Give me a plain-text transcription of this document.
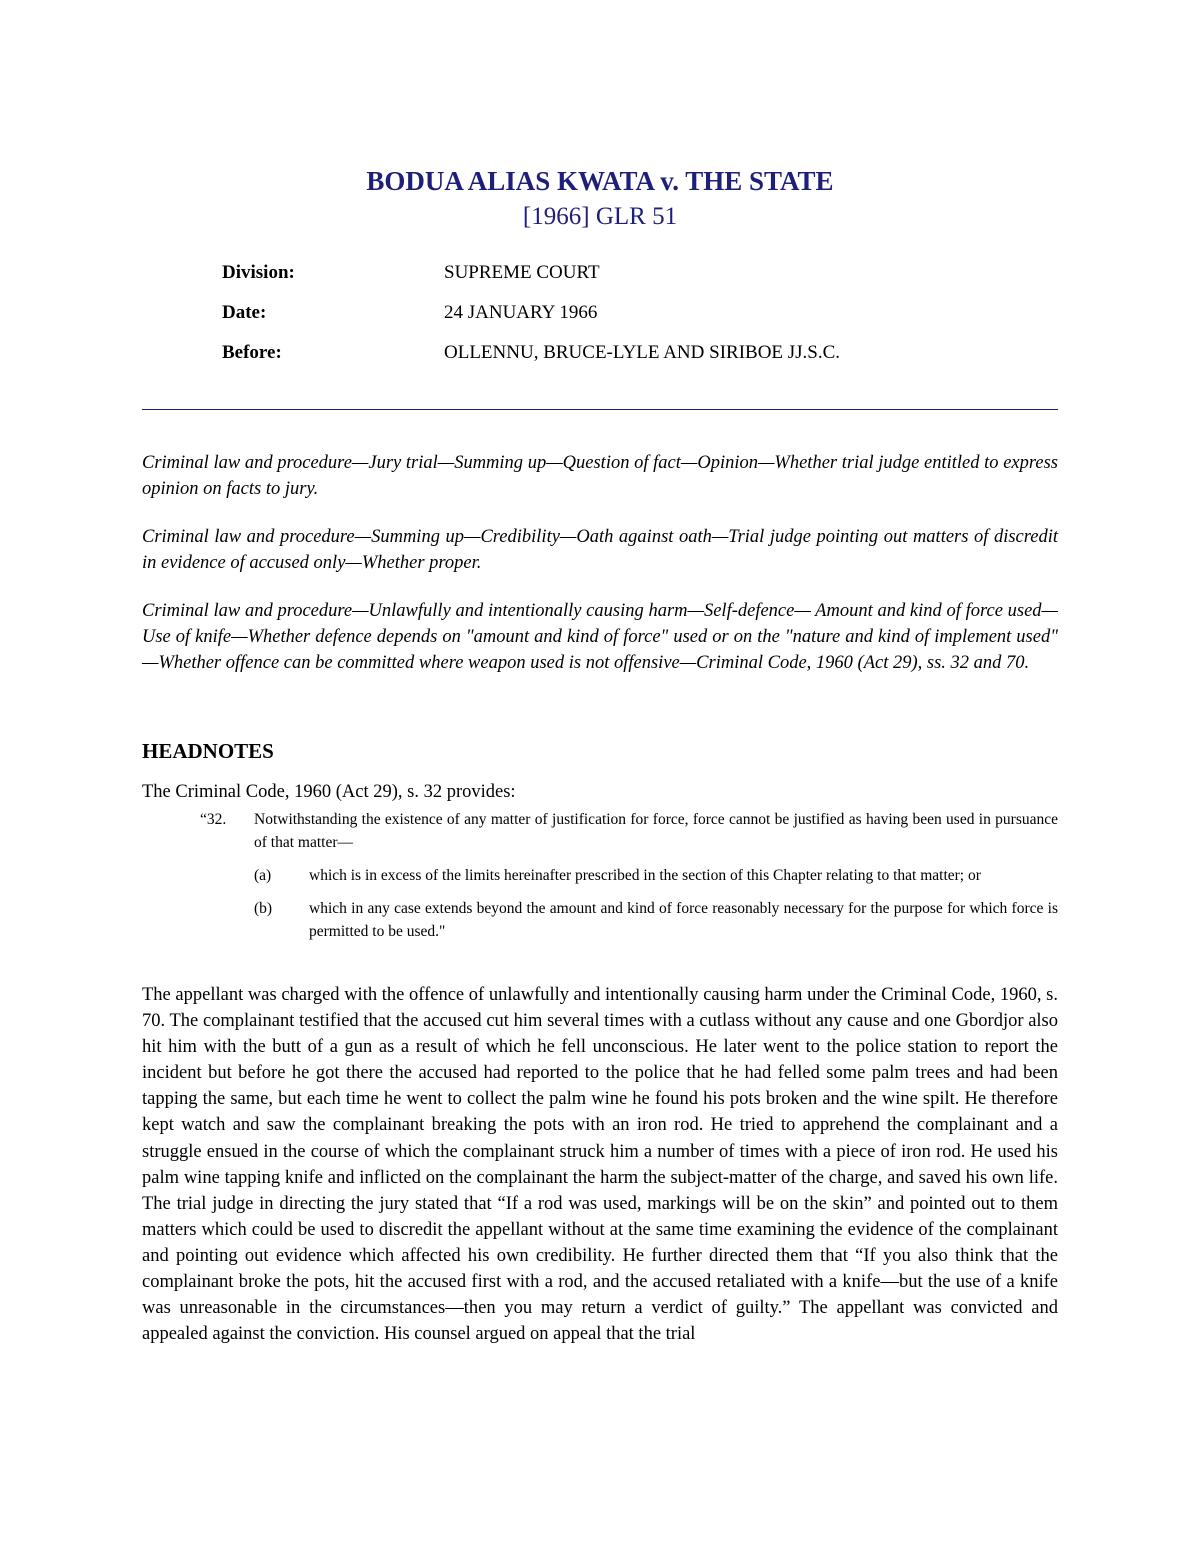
BODUA ALIAS KWATA v. THE STATE
[1966] GLR 51
Division:	SUPREME COURT
Date:	24 JANUARY 1966
Before:	OLLENNU, BRUCE-LYLE AND SIRIBOE JJ.S.C.
Criminal law and procedure—Jury trial—Summing up—Question of fact—Opinion—Whether trial judge entitled to express opinion on facts to jury.
Criminal law and procedure—Summing up—Credibility—Oath against oath—Trial judge pointing out matters of discredit in evidence of accused only—Whether proper.
Criminal law and procedure—Unlawfully and intentionally causing harm—Self-defence— Amount and kind of force used—Use of knife—Whether defence depends on "amount and kind of force" used or on the "nature and kind of implement used" —Whether offence can be committed where weapon used is not offensive—Criminal Code, 1960 (Act 29), ss. 32 and 70.
HEADNOTES
The Criminal Code, 1960 (Act 29), s. 32 provides:
“32. Notwithstanding the existence of any matter of justification for force, force cannot be justified as having been used in pursuance of that matter—
(a) which is in excess of the limits hereinafter prescribed in the section of this Chapter relating to that matter; or
(b) which in any case extends beyond the amount and kind of force reasonably necessary for the purpose for which force is permitted to be used."
The appellant was charged with the offence of unlawfully and intentionally causing harm under the Criminal Code, 1960, s. 70. The complainant testified that the accused cut him several times with a cutlass without any cause and one Gbordjor also hit him with the butt of a gun as a result of which he fell unconscious. He later went to the police station to report the incident but before he got there the accused had reported to the police that he had felled some palm trees and had been tapping the same, but each time he went to collect the palm wine he found his pots broken and the wine spilt. He therefore kept watch and saw the complainant breaking the pots with an iron rod. He tried to apprehend the complainant and a struggle ensued in the course of which the complainant struck him a number of times with a piece of iron rod. He used his palm wine tapping knife and inflicted on the complainant the harm the subject-matter of the charge, and saved his own life. The trial judge in directing the jury stated that “If a rod was used, markings will be on the skin” and pointed out to them matters which could be used to discredit the appellant without at the same time examining the evidence of the complainant and pointing out evidence which affected his own credibility. He further directed them that “If you also think that the complainant broke the pots, hit the accused first with a rod, and the accused retaliated with a knife—but the use of a knife was unreasonable in the circumstances—then you may return a verdict of guilty.” The appellant was convicted and appealed against the conviction. His counsel argued on appeal that the trial
